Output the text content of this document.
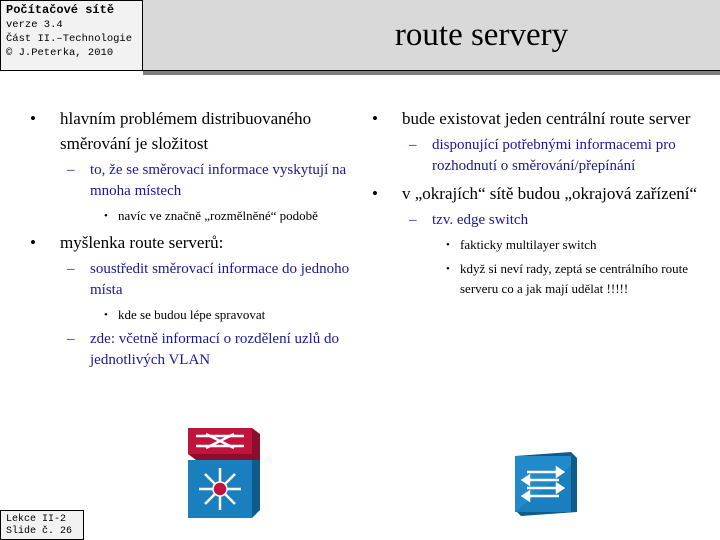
Počítačové sítě
verze 3.4
Část II.–Technologie
© J.Peterka, 2010	route servery
• hlavním problémem distribuovaného směrování je složitost
– to, že se směrovací informace vyskytují na mnoha místech
• navíc ve značně „rozmělněné“ podobě
• myšlenka route serverů:
– soustředit směrovací informace do jednoho místa
• kde se budou lépe spravovat
– zde: včetně informací o rozdělení uzlů do jednotlivých VLAN
• bude existovat jeden centrální route server
– disponující potřebnými informacemi pro rozhodnutí o směrování/přepínání
• v „okrajích“ sítě budou „okrajová zařízení“
– tzv. edge switch
• fakticky multilayer switch
• když si neví rady, zeptá se centrálního route serveru co a jak mají udělat !!!!!
Lekce II-2
Slide č. 26
